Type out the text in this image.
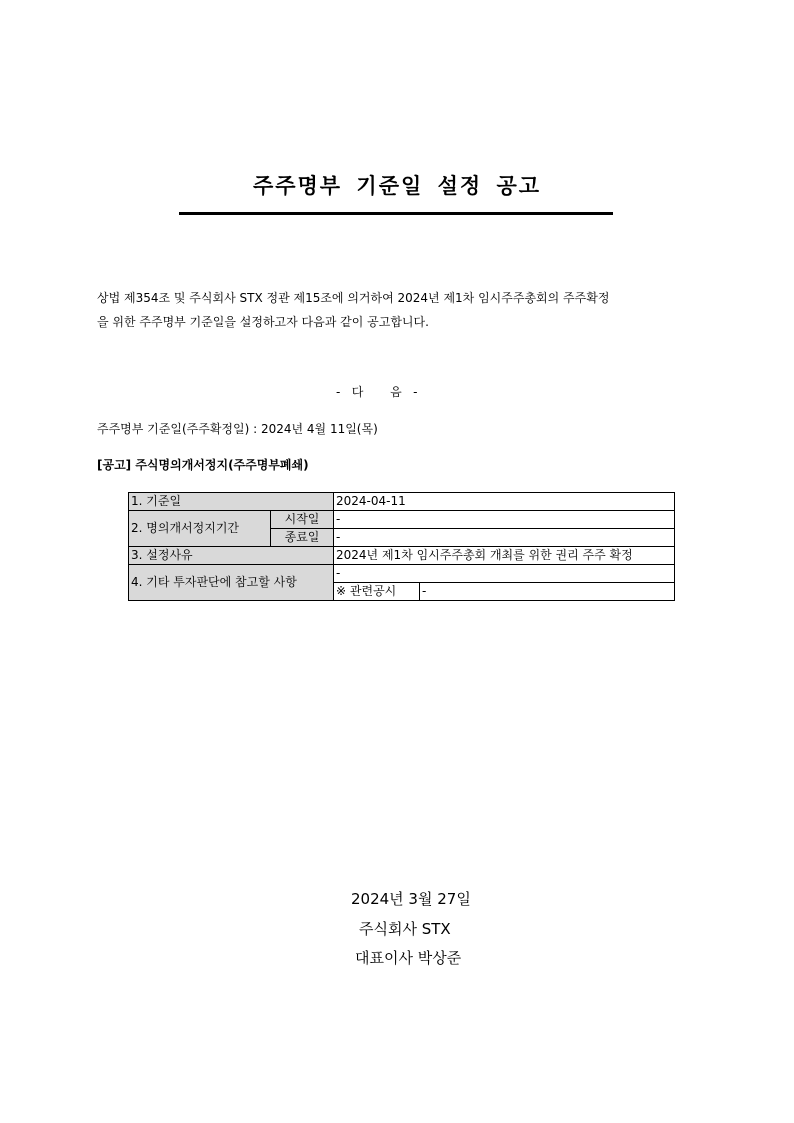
주주명부 기준일 설정 공고
상법 제354조 및 주식회사 STX 정관 제15조에 의거하여 2024년 제1차 임시주주총회의 주주확정
을 위한 주주명부 기준일을 설정하고자 다음과 같이 공고합니다.
-   다       음   -
주주명부 기준일(주주확정일) : 2024년 4월 11일(목)
[공고] 주식명의개서정지(주주명부폐쇄)
1. 기준일		2024-04-11	
2. 명의개서정지기간	시작일	-	
	종료일	-	
3. 설정사유		2024년 제1차 임시주주총회 개최를 위한 권리 주주 확정	
4. 기타 투자판단에 참고할 사항		-	
		※ 관련공시	-
2024년 3월 27일
주식회사 STX
대표이사 박상준
